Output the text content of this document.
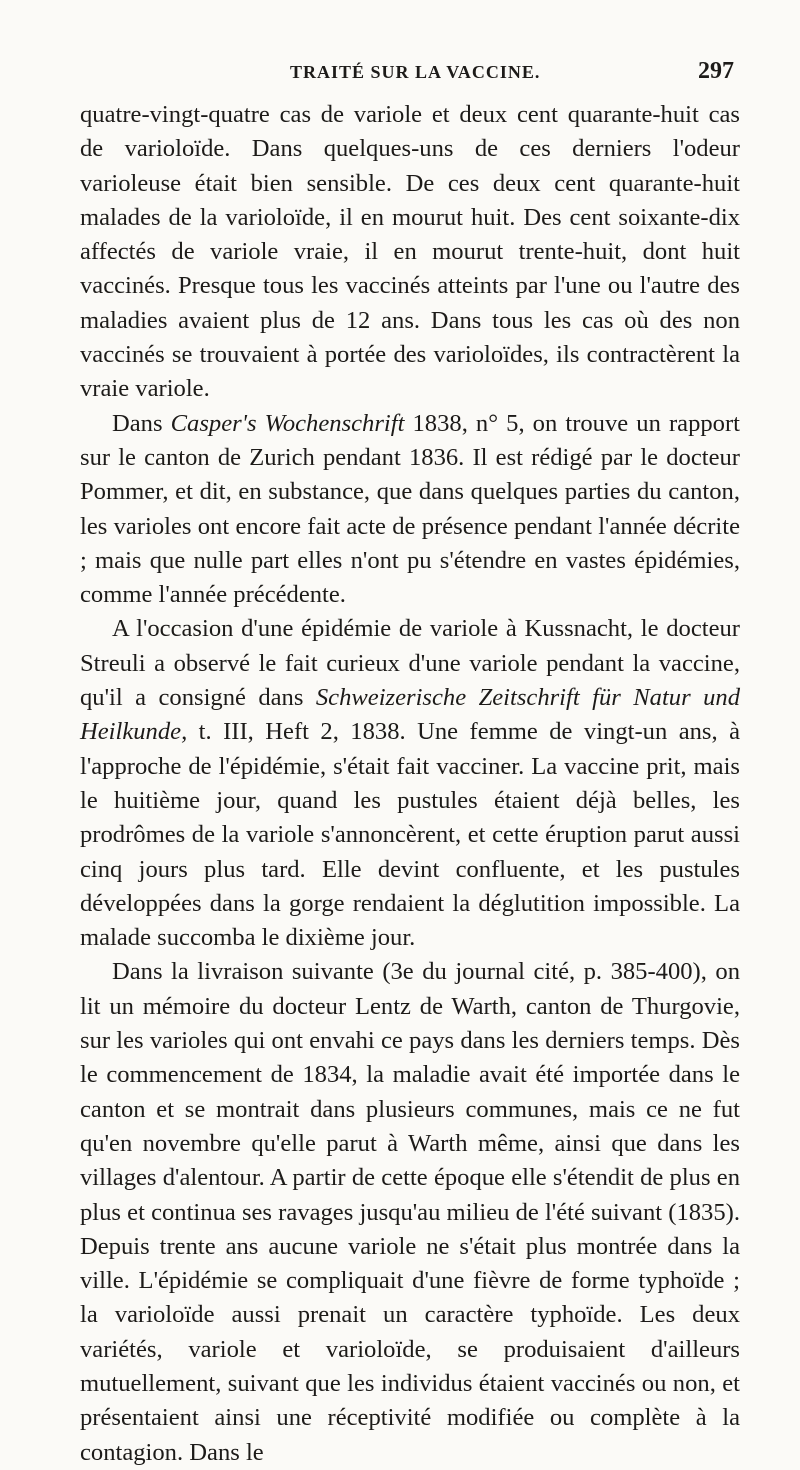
TRAITÉ SUR LA VACCINE.	297

quatre-vingt-quatre cas de variole et deux cent quarante-huit cas de varioloïde. Dans quelques-uns de ces derniers l'odeur varioleuse était bien sensible. De ces deux cent quarante-huit malades de la varioloïde, il en mourut huit. Des cent soixante-dix affectés de variole vraie, il en mourut trente-huit, dont huit vaccinés. Presque tous les vaccinés atteints par l'une ou l'autre des maladies avaient plus de 12 ans. Dans tous les cas où des non vaccinés se trouvaient à portée des varioloïdes, ils contractèrent la vraie variole.

Dans Casper's Wochenschrift 1838, n° 5, on trouve un rapport sur le canton de Zurich pendant 1836. Il est rédigé par le docteur Pommer, et dit, en substance, que dans quelques parties du canton, les varioles ont encore fait acte de présence pendant l'année décrite ; mais que nulle part elles n'ont pu s'étendre en vastes épidémies, comme l'année précédente.

A l'occasion d'une épidémie de variole à Kussnacht, le docteur Streuli a observé le fait curieux d'une variole pendant la vaccine, qu'il a consigné dans Schweizerische Zeitschrift für Natur und Heilkunde, t. III, Heft 2, 1838. Une femme de vingt-un ans, à l'approche de l'épidémie, s'était fait vacciner. La vaccine prit, mais le huitième jour, quand les pustules étaient déjà belles, les prodrômes de la variole s'annoncèrent, et cette éruption parut aussi cinq jours plus tard. Elle devint confluente, et les pustules développées dans la gorge rendaient la déglutition impossible. La malade succomba le dixième jour.

Dans la livraison suivante (3e du journal cité, p. 385-400), on lit un mémoire du docteur Lentz de Warth, canton de Thurgovie, sur les varioles qui ont envahi ce pays dans les derniers temps. Dès le commencement de 1834, la maladie avait été importée dans le canton et se montrait dans plusieurs communes, mais ce ne fut qu'en novembre qu'elle parut à Warth même, ainsi que dans les villages d'alentour. A partir de cette époque elle s'étendit de plus en plus et continua ses ravages jusqu'au milieu de l'été suivant (1835). Depuis trente ans aucune variole ne s'était plus montrée dans la ville. L'épidémie se compliquait d'une fièvre de forme typhoïde ; la varioloïde aussi prenait un caractère typhoïde. Les deux variétés, variole et varioloïde, se produisaient d'ailleurs mutuellement, suivant que les individus étaient vaccinés ou non, et présentaient ainsi une réceptivité modifiée ou complète à la contagion. Dans le
